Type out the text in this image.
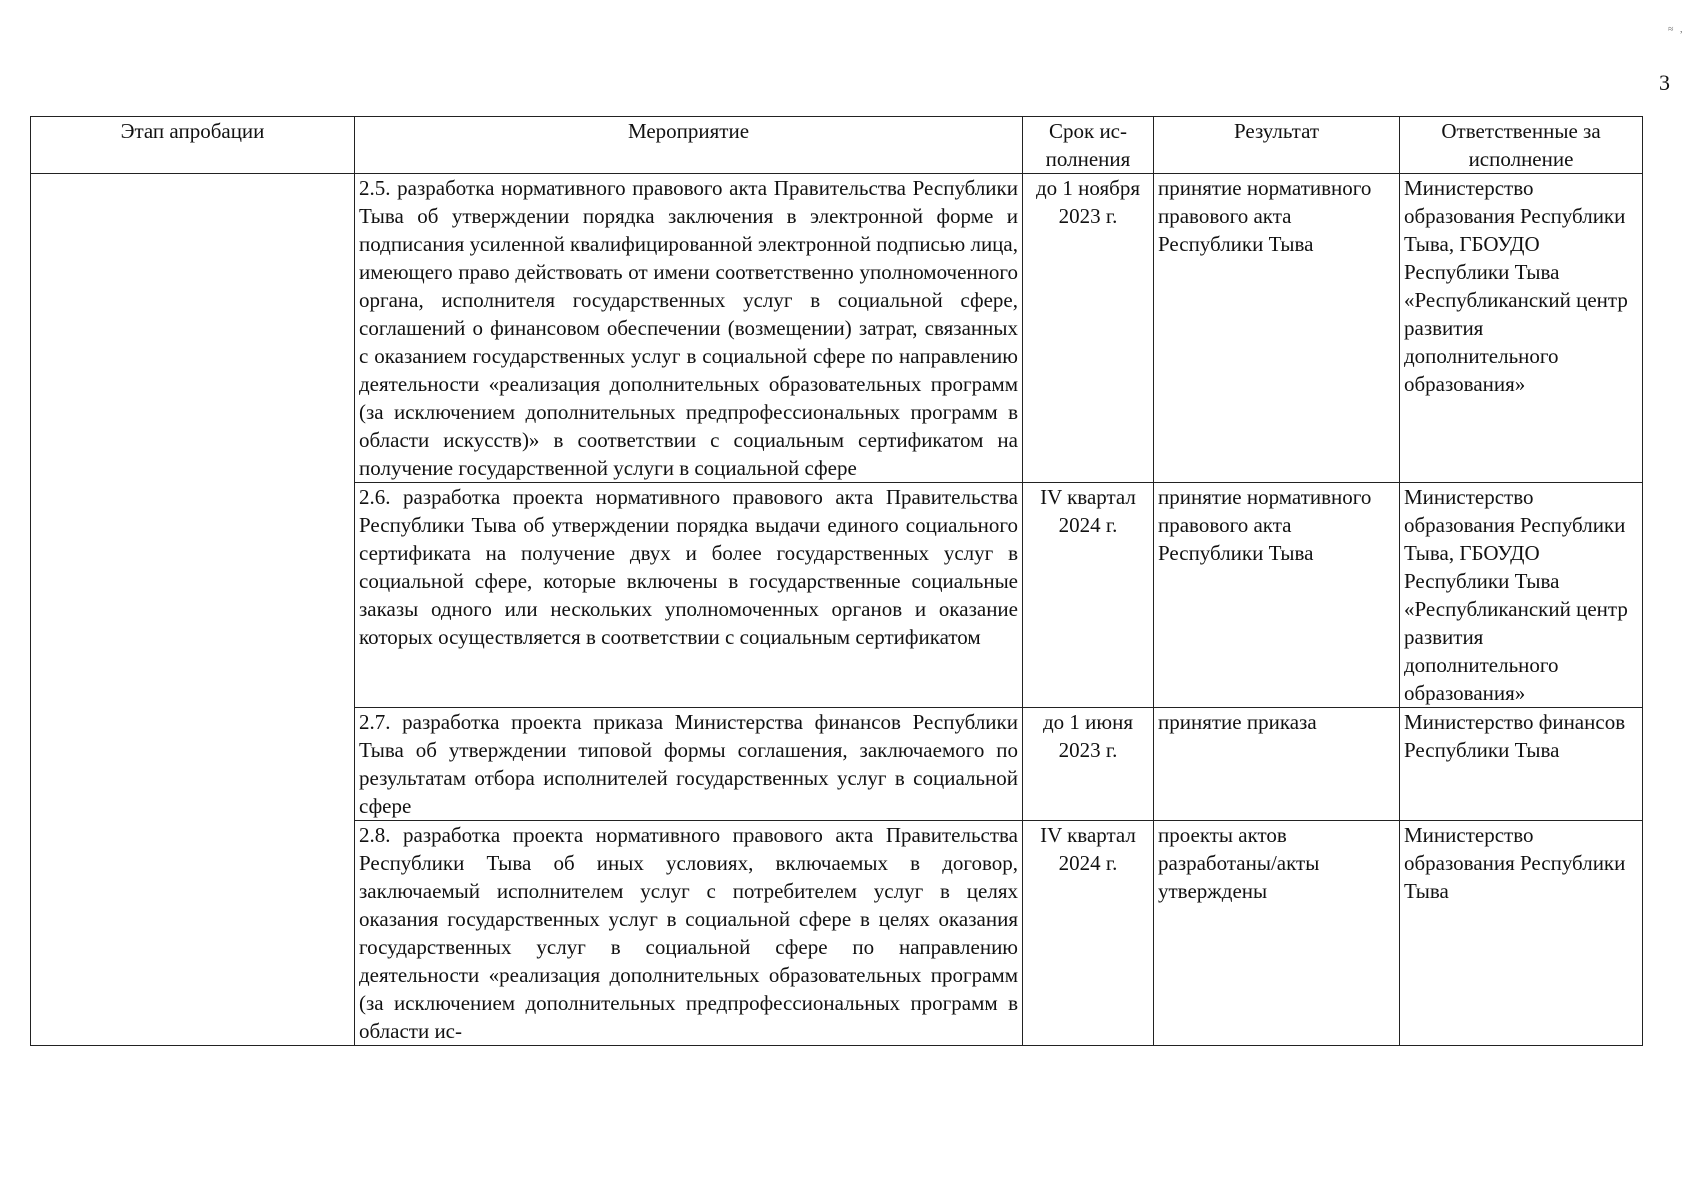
≈ ,
3
Этап апробации	Мероприятие	Срок ис- полнения	Результат	Ответственные за исполнение
	2.5. разработка нормативного правового акта Правительства Республики Тыва об утверждении порядка заключения в электронной форме и подписания усиленной квалифицированной электронной подписью лица, имеющего право действовать от имени соответственно уполномоченного органа, исполнителя государственных услуг в социальной сфере, соглашений о финансовом обеспечении (возмещении) затрат, связанных с оказанием государственных услуг в социальной сфере по направлению деятельности «реализация дополнительных образовательных программ (за исключением дополнительных предпрофессиональных программ в области искусств)» в соответствии с социальным сертификатом на получение государственной услуги в социальной сфере	до 1 ноября 2023 г.	принятие нормативного правового акта Республики Тыва	Министерство образования Республики Тыва, ГБОУДО Республики Тыва «Республиканский центр развития дополнительного образования»
	2.6. разработка проекта нормативного правового акта Правительства Республики Тыва об утверждении порядка выдачи единого социального сертификата на получение двух и более государственных услуг в социальной сфере, которые включены в государственные социальные заказы одного или нескольких уполномоченных органов и оказание которых осуществляется в соответствии с социальным сертификатом	IV квартал 2024 г.	принятие нормативного правового акта Республики Тыва	Министерство образования Республики Тыва, ГБОУДО Республики Тыва «Республиканский центр развития дополнительного образования»
	2.7. разработка проекта приказа Министерства финансов Республики Тыва об утверждении типовой формы соглашения, заключаемого по результатам отбора исполнителей государственных услуг в социальной сфере	до 1 июня 2023 г.	принятие приказа	Министерство финансов Республики Тыва
	2.8. разработка проекта нормативного правового акта Правительства Республики Тыва об иных условиях, включаемых в договор, заключаемый исполнителем услуг с потребителем услуг в целях оказания государственных услуг в социальной сфере в целях оказания государственных услуг в социальной сфере по направлению деятельности «реализация дополнительных образовательных программ (за исключением дополнительных предпрофессиональных программ в области ис-	IV квартал 2024 г.	проекты актов разработаны/акты утверждены	Министерство образования Республики Тыва
